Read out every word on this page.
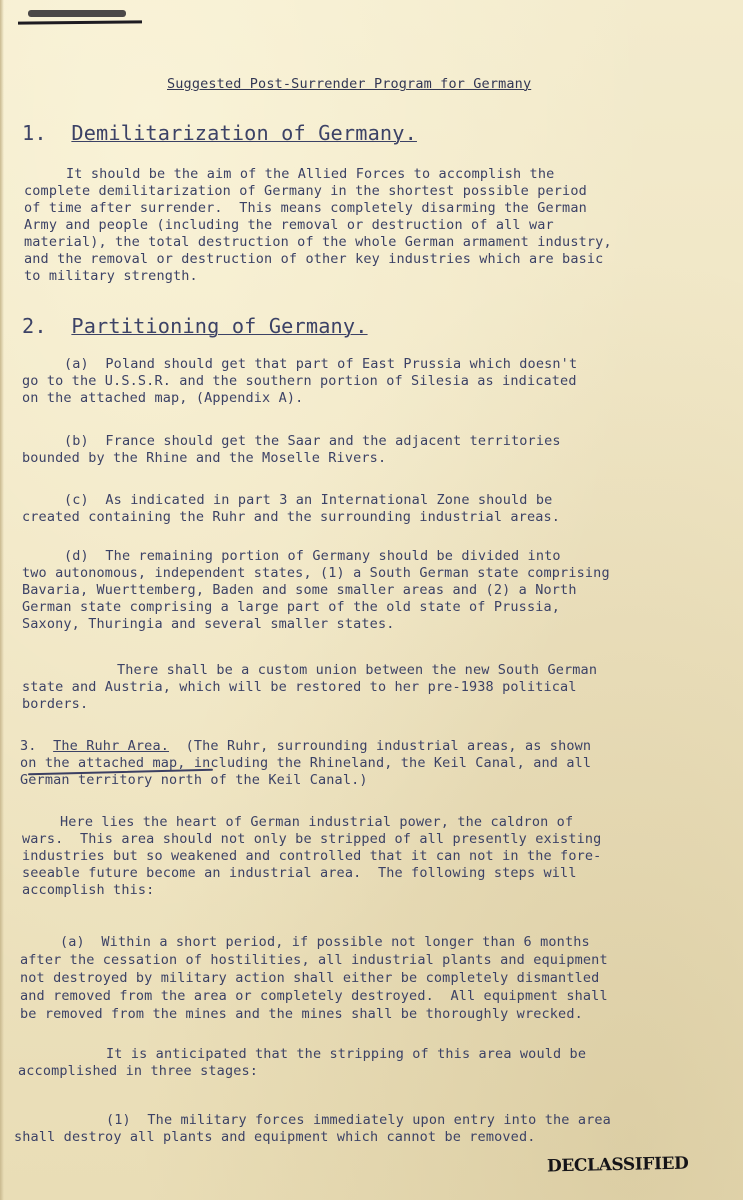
Suggested Post-Surrender Program for Germany
1. Demilitarization of Germany.

It should be the aim of the Allied Forces to accomplish the

complete demilitarization of Germany in the shortest possible period

of time after surrender.  This means completely disarming the German

Army and people (including the removal or destruction of all war

material), the total destruction of the whole German armament industry,

and the removal or destruction of other key industries which are basic

to military strength.

2. Partitioning of Germany.

(a)  Poland should get that part of East Prussia which doesn't

go to the U.S.S.R. and the southern portion of Silesia as indicated

on the attached map, (Appendix A).

(b)  France should get the Saar and the adjacent territories

bounded by the Rhine and the Moselle Rivers.

(c)  As indicated in part 3 an International Zone should be

created containing the Ruhr and the surrounding industrial areas.

(d)  The remaining portion of Germany should be divided into

two autonomous, independent states, (1) a South German state comprising

Bavaria, Wuerttemberg, Baden and some smaller areas and (2) a North

German state comprising a large part of the old state of Prussia,

Saxony, Thuringia and several smaller states.

There shall be a custom union between the new South German

state and Austria, which will be restored to her pre-1938 political

borders.

3. The Ruhr Area.  (The Ruhr, surrounding industrial areas, as shown

on the attached map, including the Rhineland, the Keil Canal, and all

German territory north of the Keil Canal.)

Here lies the heart of German industrial power, the caldron of

wars.  This area should not only be stripped of all presently existing

industries but so weakened and controlled that it can not in the fore-

seeable future become an industrial area.  The following steps will

accomplish this:

(a)  Within a short period, if possible not longer than 6 months

after the cessation of hostilities, all industrial plants and equipment

not destroyed by military action shall either be completely dismantled

and removed from the area or completely destroyed.  All equipment shall

be removed from the mines and the mines shall be thoroughly wrecked.

It is anticipated that the stripping of this area would be

accomplished in three stages:

(1)  The military forces immediately upon entry into the area

shall destroy all plants and equipment which cannot be removed.

DECLASSIFIED
